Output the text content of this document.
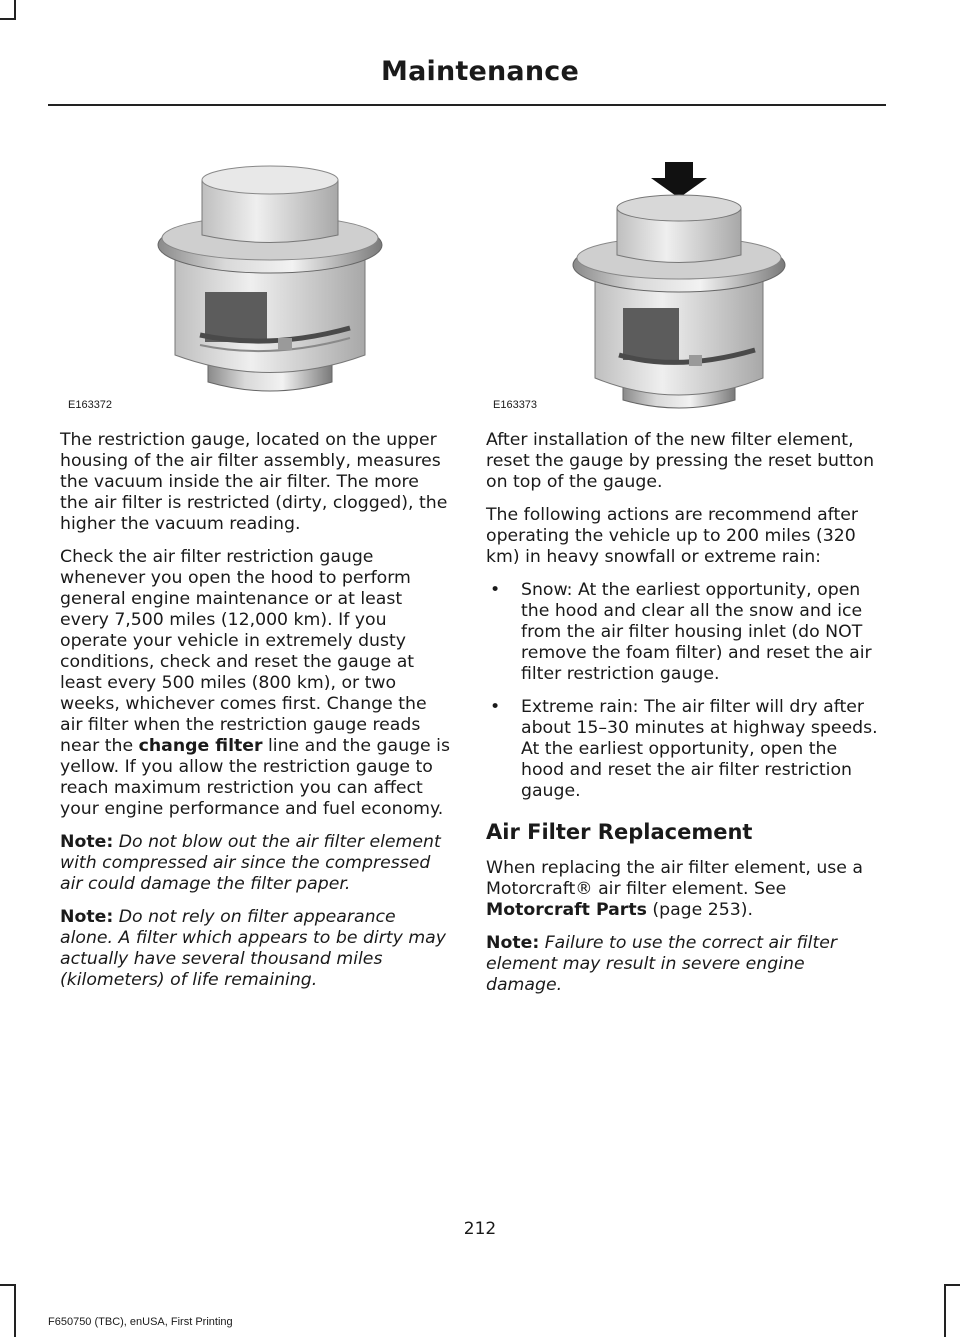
Maintenance
E163372	E163373

The restriction gauge, located on the upper housing of the air filter assembly, measures the vacuum inside the air filter. The more the air filter is restricted (dirty, clogged), the higher the vacuum reading.

Check the air filter restriction gauge whenever you open the hood to perform general engine maintenance or at least every 7,500 miles (12,000 km). If you operate your vehicle in extremely dusty conditions, check and reset the gauge at least every 500 miles (800 km), or two weeks, whichever comes first. Change the air filter when the restriction gauge reads near the change filter line and the gauge is yellow. If you allow the restriction gauge to reach maximum restriction you can affect your engine performance and fuel economy.

Note: Do not blow out the air filter element with compressed air since the compressed air could damage the filter paper.

Note: Do not rely on filter appearance alone. A filter which appears to be dirty may actually have several thousand miles (kilometers) of life remaining.

After installation of the new filter element, reset the gauge by pressing the reset button on top of the gauge.

The following actions are recommend after operating the vehicle up to 200 miles (320 km) in heavy snowfall or extreme rain:

• Snow: At the earliest opportunity, open the hood and clear all the snow and ice from the air filter housing inlet (do NOT remove the foam filter) and reset the air filter restriction gauge.
• Extreme rain: The air filter will dry after about 15–30 minutes at highway speeds. At the earliest opportunity, open the hood and reset the air filter restriction gauge.
Air Filter Replacement

When replacing the air filter element, use a Motorcraft® air filter element. See Motorcraft Parts (page 253).

Note: Failure to use the correct air filter element may result in severe engine damage.

212
F650750 (TBC), enUSA, First Printing
